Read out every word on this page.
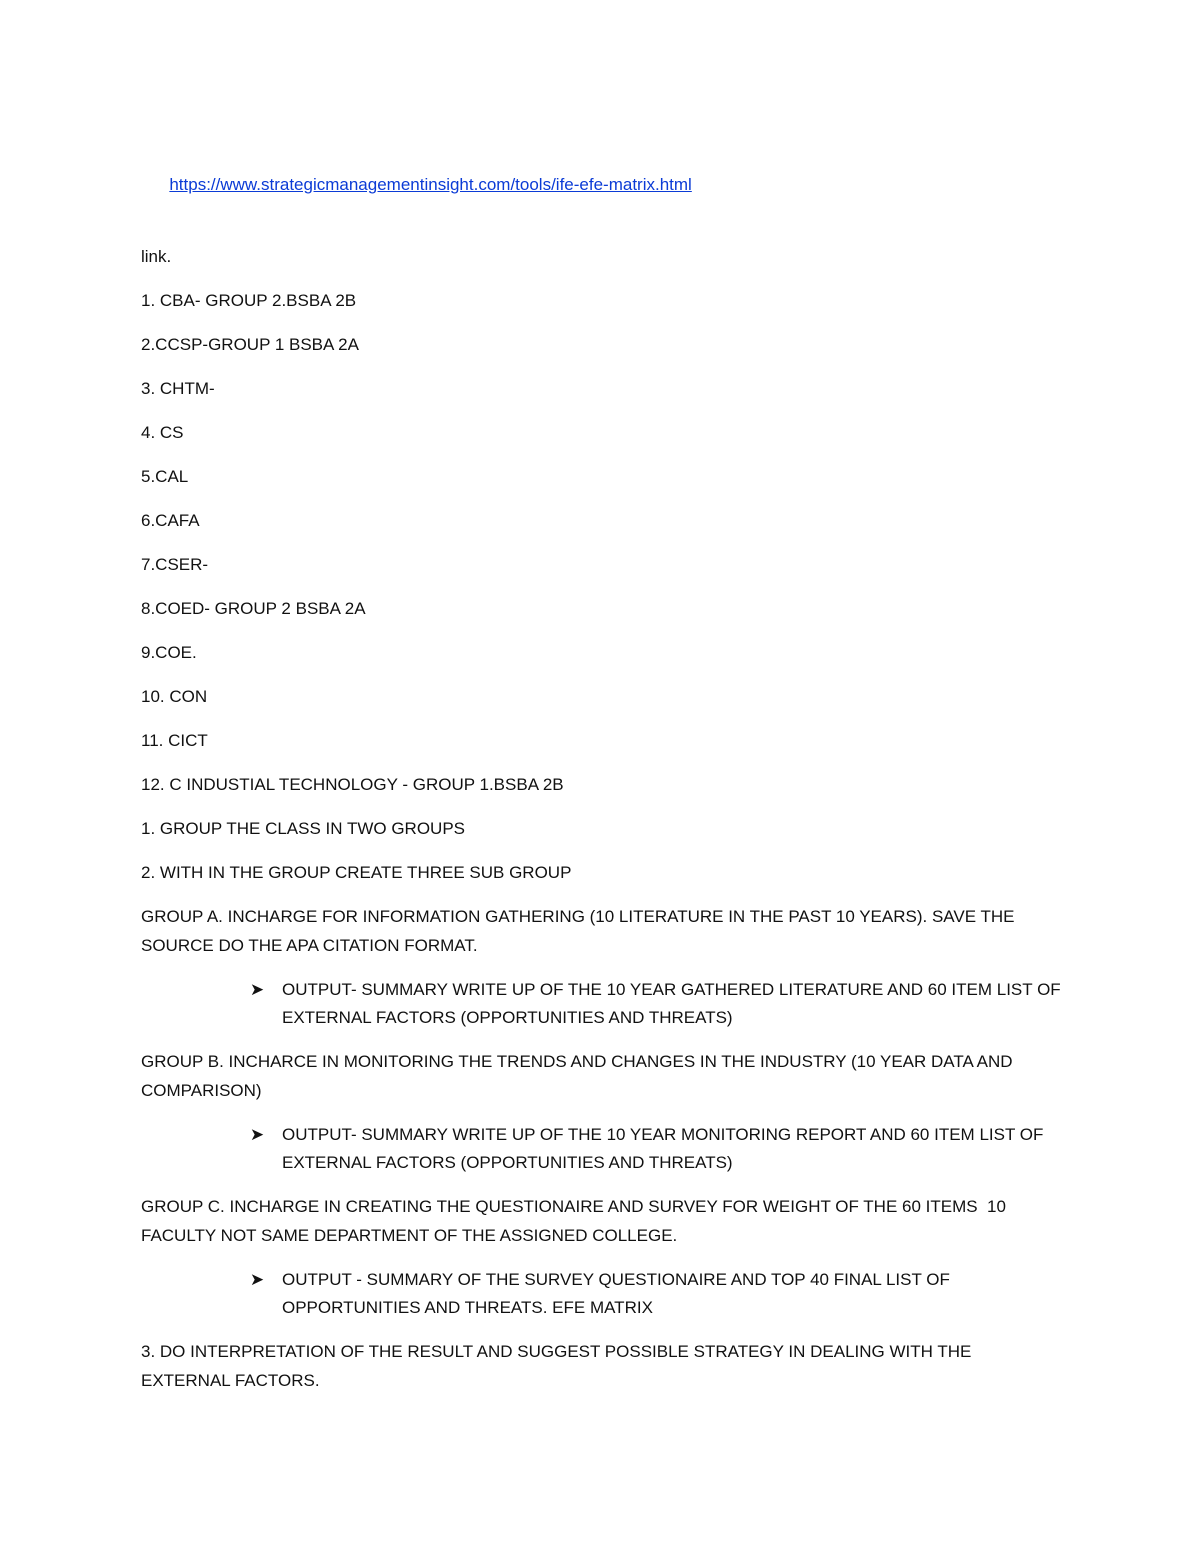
https://www.strategicmanagementinsight.com/tools/ife-efe-matrix.html

link.

1. CBA- GROUP 2.BSBA 2B

2.CCSP-GROUP 1 BSBA 2A

3. CHTM-

4. CS

5.CAL

6.CAFA

7.CSER-

8.COED- GROUP 2 BSBA 2A

9.COE.

10. CON

11. CICT

12. C INDUSTIAL TECHNOLOGY - GROUP 1.BSBA 2B

1. GROUP THE CLASS IN TWO GROUPS

2. WITH IN THE GROUP CREATE THREE SUB GROUP

GROUP A. INCHARGE FOR INFORMATION GATHERING (10 LITERATURE IN THE PAST 10 YEARS). SAVE THE SOURCE DO THE APA CITATION FORMAT.

➤ OUTPUT- SUMMARY WRITE UP OF THE 10 YEAR GATHERED LITERATURE AND 60 ITEM LIST OF EXTERNAL FACTORS (OPPORTUNITIES AND THREATS)

GROUP B. INCHARCE IN MONITORING THE TRENDS AND CHANGES IN THE INDUSTRY (10 YEAR DATA AND COMPARISON)

➤ OUTPUT- SUMMARY WRITE UP OF THE 10 YEAR MONITORING REPORT AND 60 ITEM LIST OF EXTERNAL FACTORS (OPPORTUNITIES AND THREATS)

GROUP C. INCHARGE IN CREATING THE QUESTIONAIRE AND SURVEY FOR WEIGHT OF THE 60 ITEMS  10 FACULTY NOT SAME DEPARTMENT OF THE ASSIGNED COLLEGE.

➤ OUTPUT - SUMMARY OF THE SURVEY QUESTIONAIRE AND TOP 40 FINAL LIST OF OPPORTUNITIES AND THREATS. EFE MATRIX

3. DO INTERPRETATION OF THE RESULT AND SUGGEST POSSIBLE STRATEGY IN DEALING WITH THE EXTERNAL FACTORS.
